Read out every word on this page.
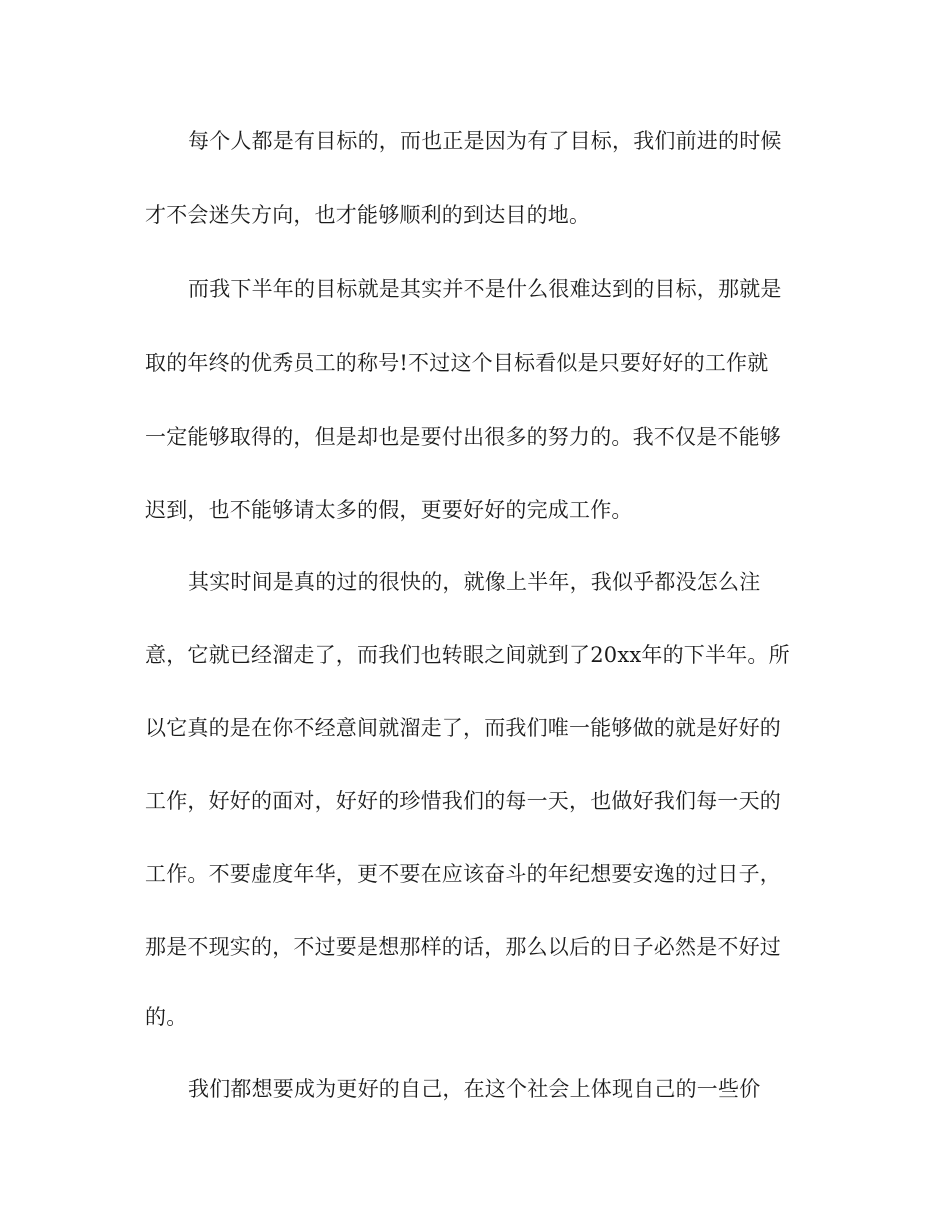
每个人都是有目标的，而也正是因为有了目标，我们前进的时候
才不会迷失方向，也才能够顺利的到达目的地。
而我下半年的目标就是其实并不是什么很难达到的目标，那就是
取的年终的优秀员工的称号!不过这个目标看似是只要好好的工作就
一定能够取得的，但是却也是要付出很多的努力的。我不仅是不能够
迟到，也不能够请太多的假，更要好好的完成工作。
其实时间是真的过的很快的，就像上半年，我似乎都没怎么注
意，它就已经溜走了，而我们也转眼之间就到了20xx年的下半年。所
以它真的是在你不经意间就溜走了，而我们唯一能够做的就是好好的
工作，好好的面对，好好的珍惜我们的每一天，也做好我们每一天的
工作。不要虚度年华，更不要在应该奋斗的年纪想要安逸的过日子，
那是不现实的，不过要是想那样的话，那么以后的日子必然是不好过
的。
我们都想要成为更好的自己，在这个社会上体现自己的一些价
